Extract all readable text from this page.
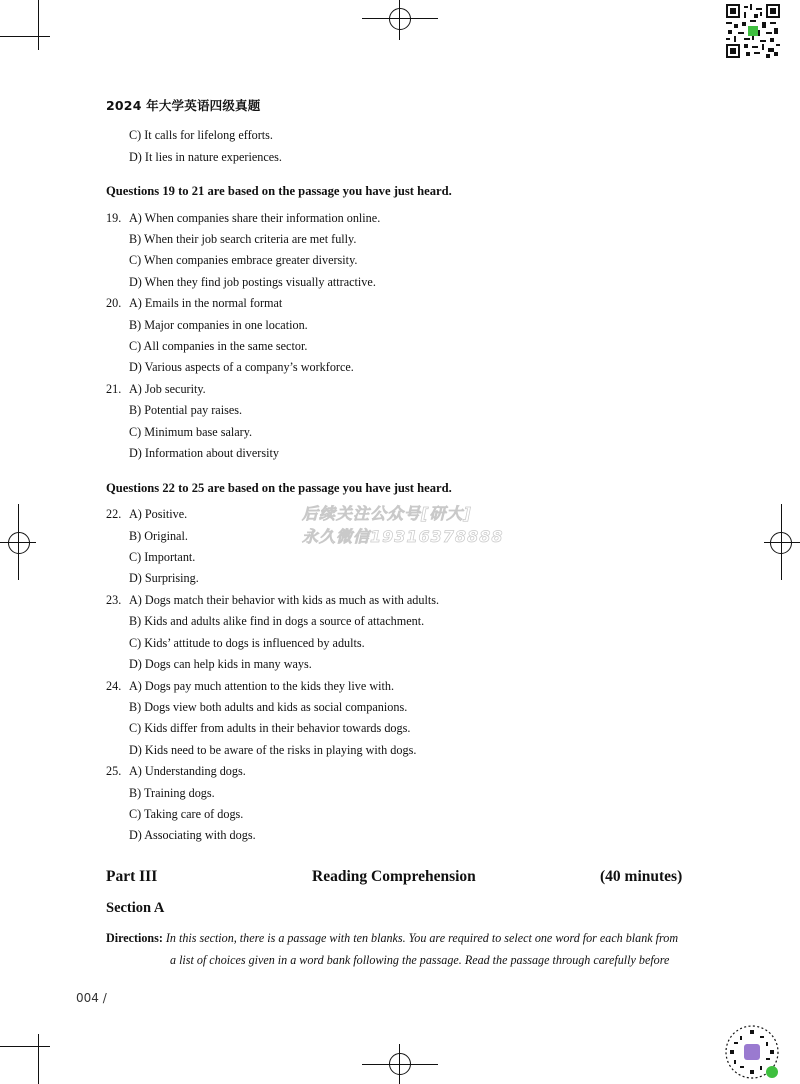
2024 年大学英语四级真题
C) It calls for lifelong efforts.
D) It lies in nature experiences.
Questions 19 to 21 are based on the passage you have just heard.
19. A) When companies share their information online.
B) When their job search criteria are met fully.
C) When companies embrace greater diversity.
D) When they find job postings visually attractive.
20. A) Emails in the normal format
B) Major companies in one location.
C) All companies in the same sector.
D) Various aspects of a company’s workforce.
21. A) Job security.
B) Potential pay raises.
C) Minimum base salary.
D) Information about diversity
Questions 22 to 25 are based on the passage you have just heard.
22. A) Positive.
B) Original.
C) Important.
D) Surprising.
23. A) Dogs match their behavior with kids as much as with adults.
B) Kids and adults alike find in dogs a source of attachment.
C) Kids’ attitude to dogs is influenced by adults.
D) Dogs can help kids in many ways.
24. A) Dogs pay much attention to the kids they live with.
B) Dogs view both adults and kids as social companions.
C) Kids differ from adults in their behavior towards dogs.
D) Kids need to be aware of the risks in playing with dogs.
25. A) Understanding dogs.
B) Training dogs.
C) Taking care of dogs.
D) Associating with dogs.
后续关注公众号[研大]
永久微信19316378888
Part III	Reading Comprehension	(40 minutes)
Section A
Directions: In this section, there is a passage with ten blanks. You are required to select one word for each blank from
a list of choices given in a word bank following the passage. Read the passage through carefully before
004 /
